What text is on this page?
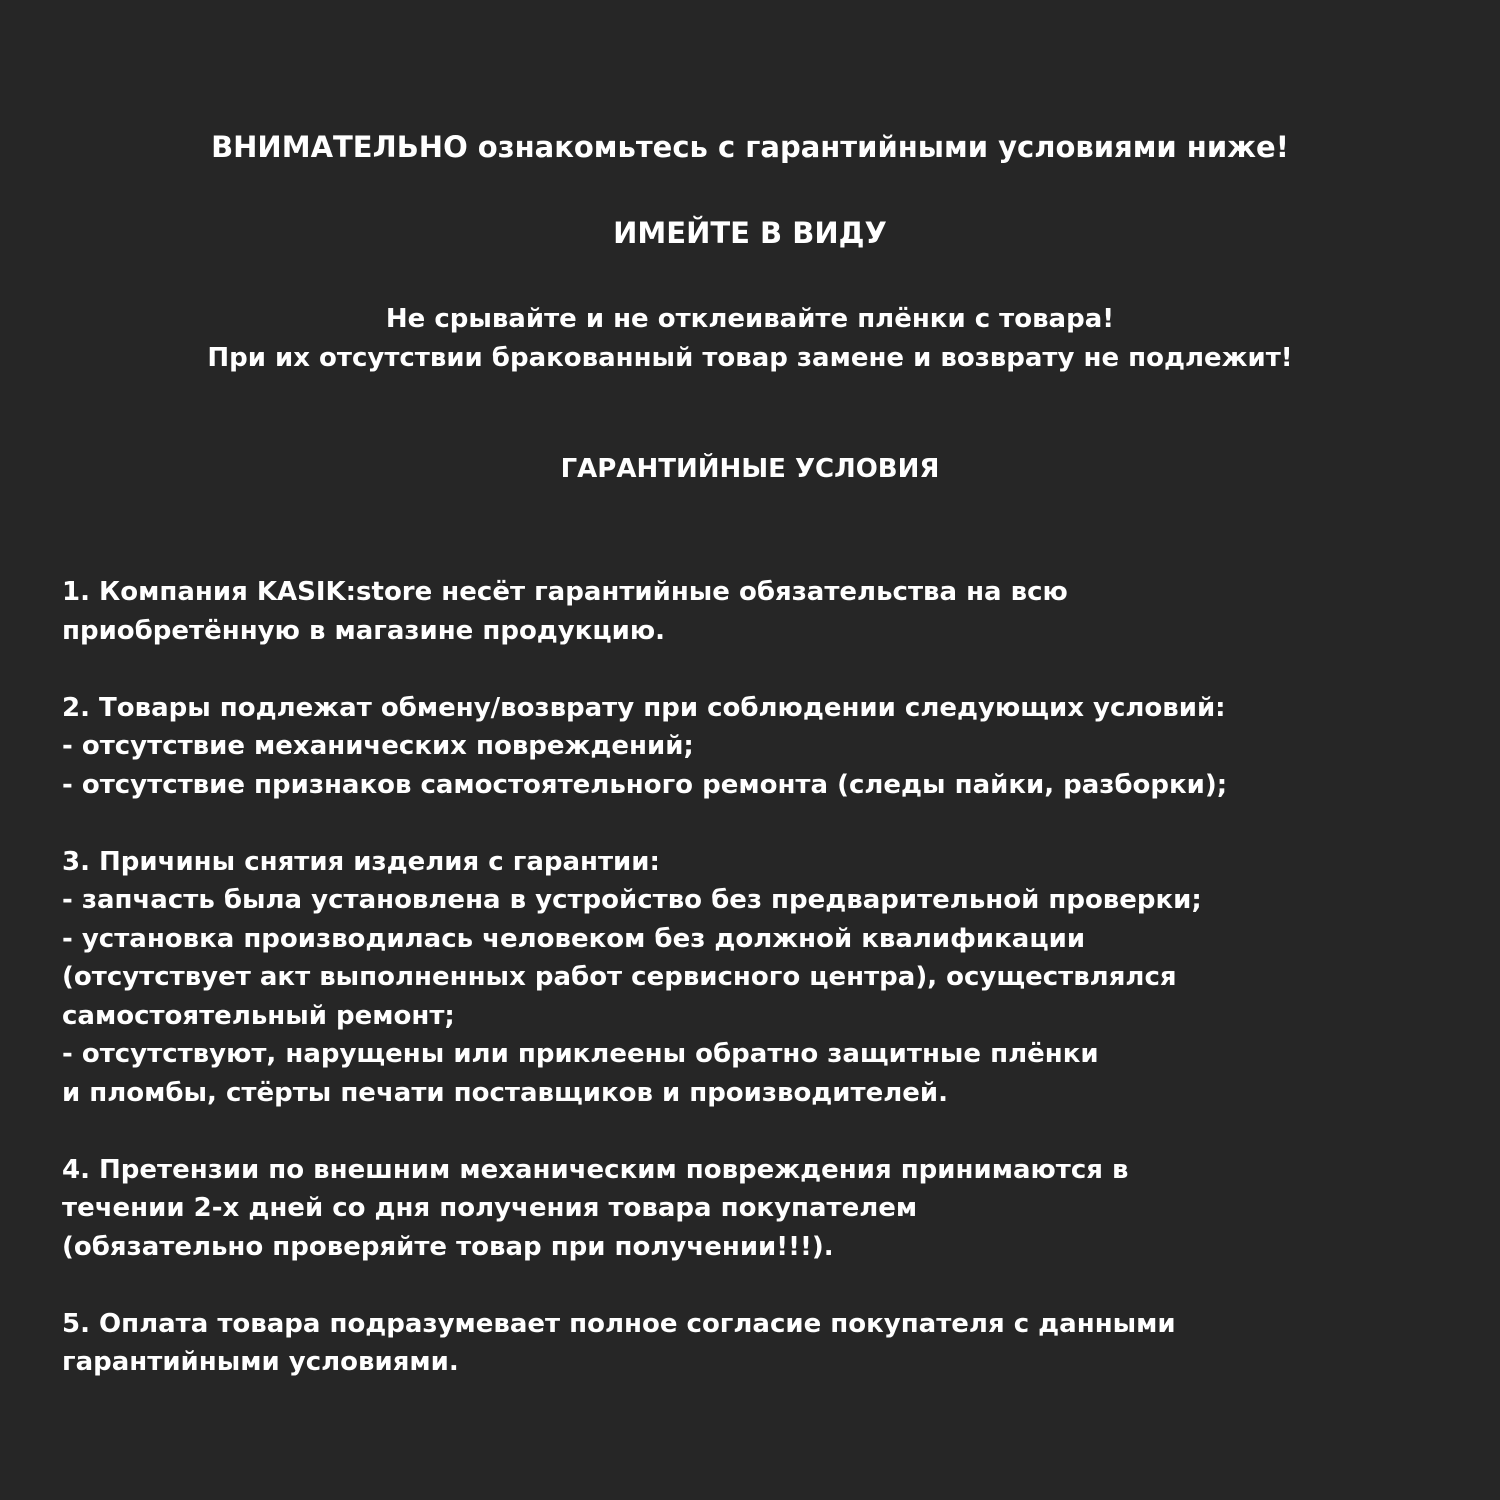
ВНИМАТЕЛЬНО ознакомьтесь с гарантийными условиями ниже!
ИМЕЙТЕ В ВИДУ
Не срывайте и не отклеивайте плёнки с товара!
При их отсутствии бракованный товар замене и возврату не подлежит!
ГАРАНТИЙНЫЕ УСЛОВИЯ
1. Компания KASIK:store несёт гарантийные обязательства на всю
приобретённую в магазине продукцию.
2. Товары подлежат обмену/возврату при соблюдении следующих условий:
- отсутствие механических повреждений;
- отсутствие признаков самостоятельного ремонта (следы пайки, разборки);
3. Причины снятия изделия с гарантии:
- запчасть была установлена в устройство без предварительной проверки;
- установка производилась человеком без должной квалификации
(отсутствует акт выполненных работ сервисного центра), осуществлялся
самостоятельный ремонт;
- отсутствуют, нарущены или приклеены обратно защитные плёнки
и пломбы, стёрты печати поставщиков и производителей.
4. Претензии по внешним механическим повреждения принимаются в
течении 2-х дней со дня получения товара покупателем
(обязательно проверяйте товар при получении!!!).
5. Оплата товара подразумевает полное согласие покупателя с данными
гарантийными условиями.
